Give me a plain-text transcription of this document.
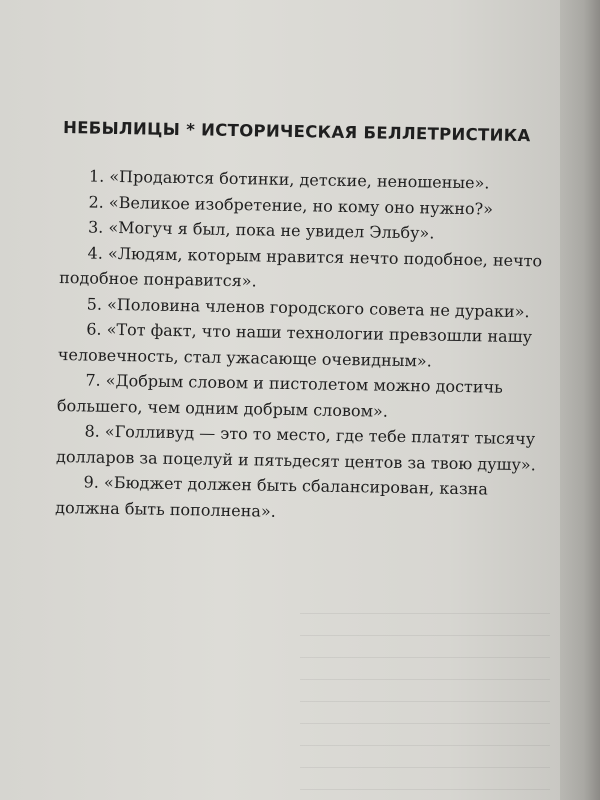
НЕБЫЛИЦЫ * ИСТОРИЧЕСКАЯ БЕЛЛЕТРИСТИКА

1. «Продаются ботинки, детские, неношеные».

2. «Великое изобретение, но кому оно нужно?»

3. «Могуч я был, пока не увидел Эльбу».

4. «Людям, которым нравится нечто подобное, нечто подобное понравится».

5. «Половина членов городского совета не дураки».

6. «Тот факт, что наши технологии превзошли нашу человечность, стал ужасающе очевидным».

7. «Добрым словом и пистолетом можно достичь большего, чем одним добрым словом».

8. «Голливуд — это то место, где тебе платят тысячу долларов за поцелуй и пятьдесят центов за твою душу».

9. «Бюджет должен быть сбалансирован, казна должна быть пополнена».
